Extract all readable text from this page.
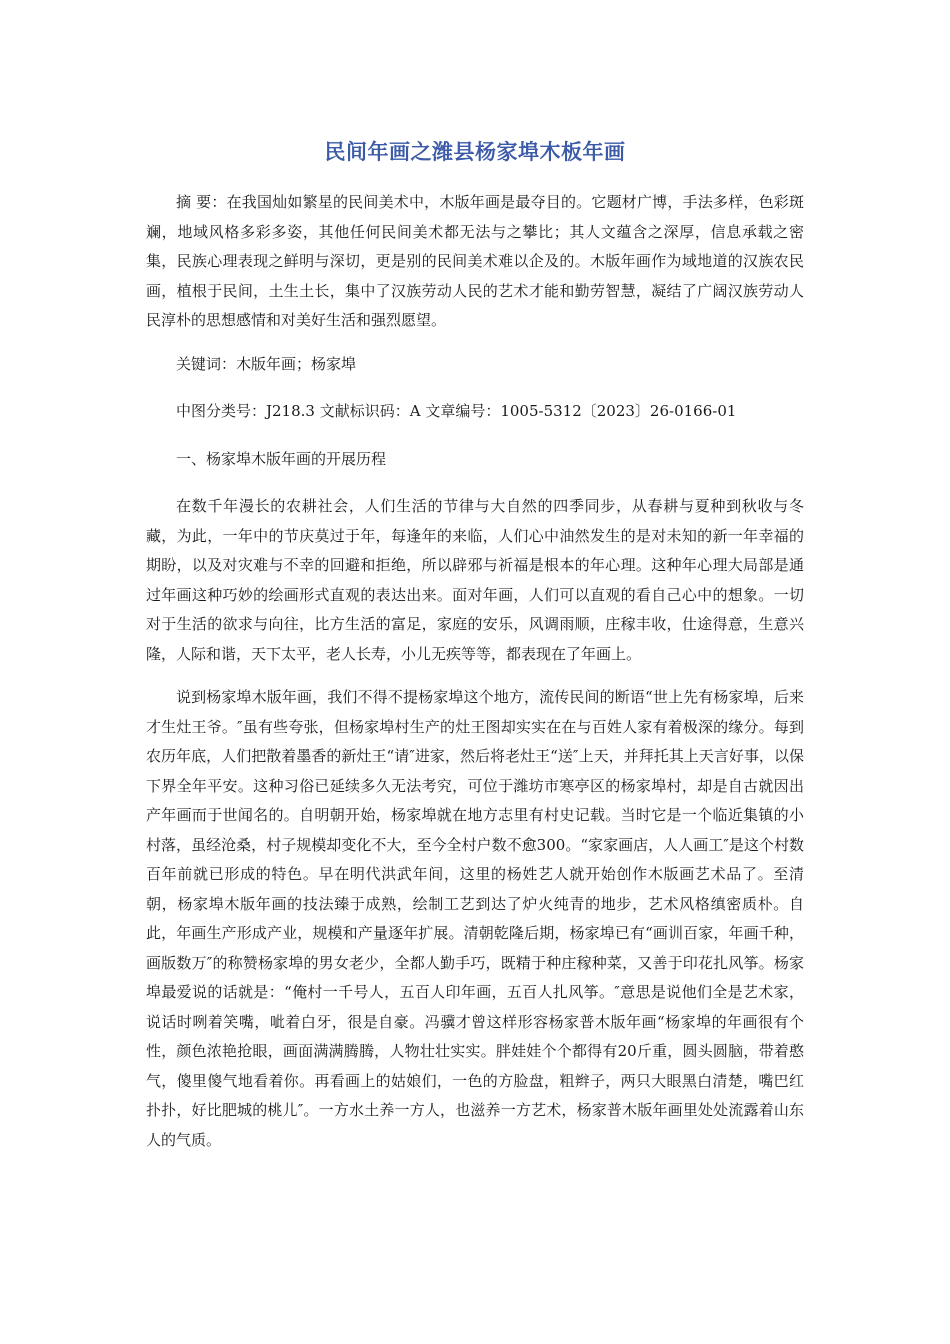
民间年画之潍县杨家埠木板年画

摘 要：在我国灿如繁星的民间美术中，木版年画是最夺目的。它题材广博，手法多样，色彩斑斓，地域风格多彩多姿，其他任何民间美术都无法与之攀比；其人文蕴含之深厚，信息承载之密集，民族心理表现之鲜明与深切，更是别的民间美术难以企及的。木版年画作为域地道的汉族农民画，植根于民间，土生土长，集中了汉族劳动人民的艺术才能和勤劳智慧，凝结了广阔汉族劳动人民淳朴的思想感情和对美好生活和强烈愿望。

关键词：木版年画；杨家埠

中图分类号：J218.3 文献标识码：A 文章编号：1005-5312〔2023〕26-0166-01

一、杨家埠木版年画的开展历程

在数千年漫长的农耕社会，人们生活的节律与大自然的四季同步，从春耕与夏种到秋收与冬藏，为此，一年中的节庆莫过于年，每逢年的来临，人们心中油然发生的是对未知的新一年幸福的期盼，以及对灾难与不幸的回避和拒绝，所以辟邪与祈福是根本的年心理。这种年心理大局部是通过年画这种巧妙的绘画形式直观的表达出来。面对年画，人们可以直观的看自己心中的想象。一切对于生活的欲求与向往，比方生活的富足，家庭的安乐，风调雨顺，庄稼丰收，仕途得意，生意兴隆，人际和谐，天下太平，老人长寿，小儿无疾等等，都表现在了年画上。

说到杨家埠木版年画，我们不得不提杨家埠这个地方，流传民间的断语“世上先有杨家埠，后来才生灶王爷。″虽有些夸张，但杨家埠村生产的灶王图却实实在在与百姓人家有着极深的缘分。每到农历年底，人们把散着墨香的新灶王“请″进家，然后将老灶王“送″上天，并拜托其上天言好事，以保下界全年平安。这种习俗已延续多久无法考究，可位于潍坊市寒亭区的杨家埠村，却是自古就因出产年画而于世闻名的。自明朝开始，杨家埠就在地方志里有村史记载。当时它是一个临近集镇的小村落，虽经沧桑，村子规模却变化不大，至今全村户数不愈300。“家家画店，人人画工″是这个村数百年前就已形成的特色。早在明代洪武年间，这里的杨姓艺人就开始创作木版画艺术品了。至清朝，杨家埠木版年画的技法臻于成熟，绘制工艺到达了炉火纯青的地步，艺术风格缜密质朴。自此，年画生产形成产业，规模和产量逐年扩展。清朝乾隆后期，杨家埠已有“画训百家，年画千种，画版数万″的称赞杨家埠的男女老少，全都人勤手巧，既精于种庄稼种菜，又善于印花扎风筝。杨家埠最爱说的话就是：“俺村一千号人，五百人印年画，五百人扎风筝。″意思是说他们全是艺术家，说话时咧着笑嘴，呲着白牙，很是自豪。冯骥才曾这样形容杨家普木版年画“杨家埠的年画很有个性，颜色浓艳抢眼，画面满满腾腾，人物壮壮实实。胖娃娃个个都得有20斤重，圆头圆脑，带着憨气，傻里傻气地看着你。再看画上的姑娘们，一色的方脸盘，粗辫子，两只大眼黑白清楚，嘴巴红扑扑，好比肥城的桃儿″。一方水土养一方人，也滋养一方艺术，杨家普木版年画里处处流露着山东人的气质。
